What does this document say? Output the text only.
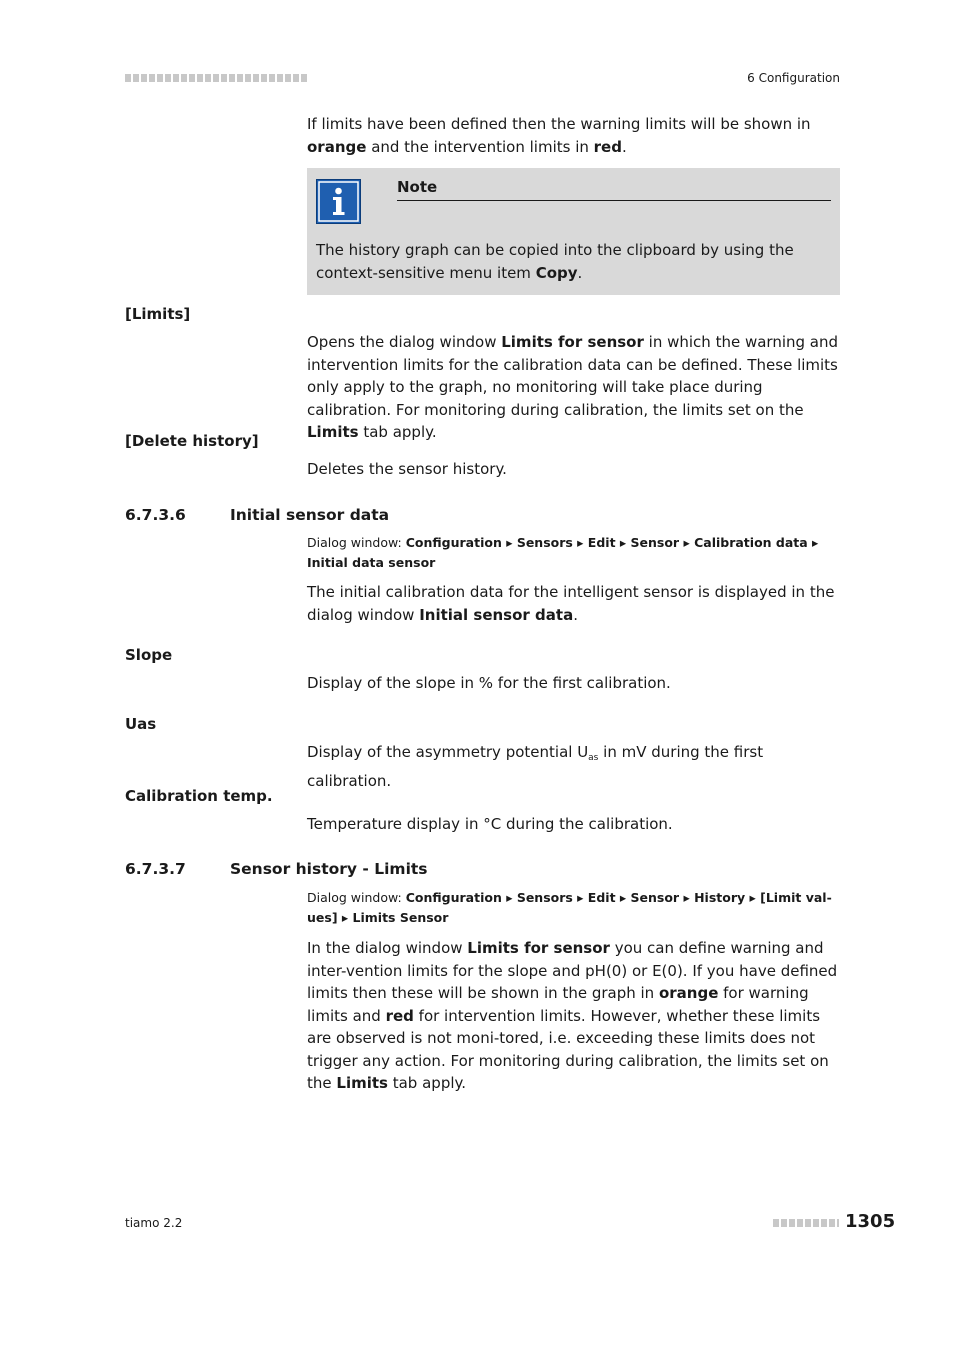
6 Configuration
If limits have been defined then the warning limits will be shown in orange and the intervention limits in red.
Note
The history graph can be copied into the clipboard by using the context-sensitive menu item Copy.
[Limits]
Opens the dialog window Limits for sensor in which the warning and intervention limits for the calibration data can be defined. These limits only apply to the graph, no monitoring will take place during calibration. For monitoring during calibration, the limits set on the Limits tab apply.
[Delete history]
Deletes the sensor history.
6.7.3.6	Initial sensor data
Dialog window: Configuration ▸ Sensors ▸ Edit ▸ Sensor ▸ Calibration data ▸ Initial data sensor
The initial calibration data for the intelligent sensor is displayed in the dialog window Initial sensor data.
Slope
Display of the slope in % for the first calibration.
Uas
Display of the asymmetry potential $U_{as}$ in mV during the first calibration.
Calibration temp.
Temperature display in °C during the calibration.
6.7.3.7	Sensor history - Limits
Dialog window: Configuration ▸ Sensors ▸ Edit ▸ Sensor ▸ History ▸ [Limit val-ues] ▸ Limits Sensor
In the dialog window Limits for sensor you can define warning and inter-vention limits for the slope and pH(0) or E(0). If you have defined limits then these will be shown in the graph in orange for warning limits and red for intervention limits. However, whether these limits are observed is not moni-tored, i.e. exceeding these limits does not trigger any action. For monitoring during calibration, the limits set on the Limits tab apply.
tiamo 2.2	1305
